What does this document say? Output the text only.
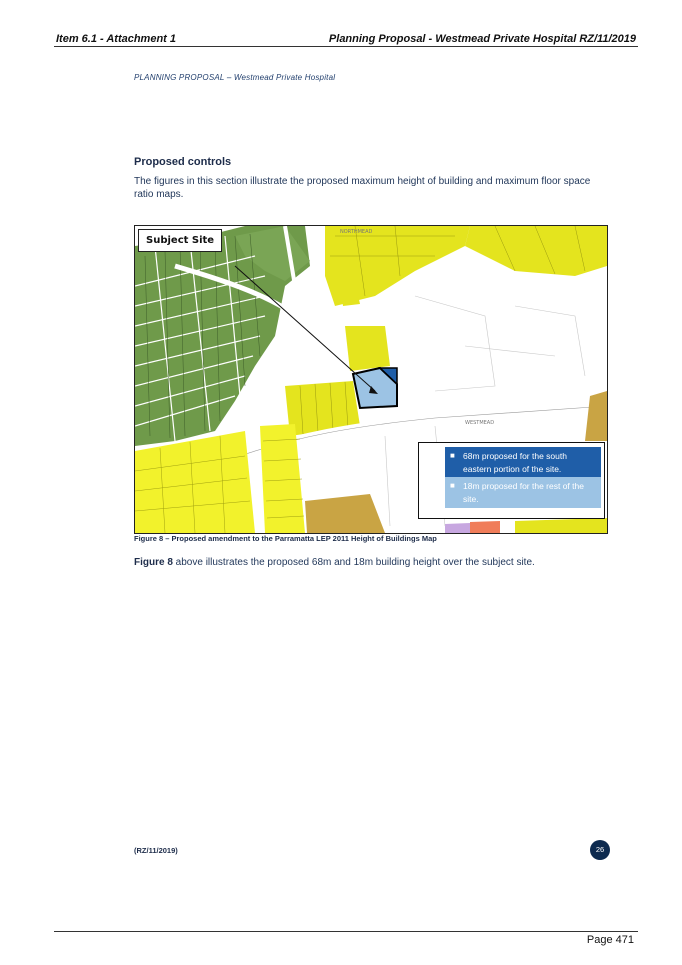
Item 6.1 - Attachment 1	Planning Proposal - Westmead Private Hospital RZ/11/2019
PLANNING PROPOSAL – Westmead Private Hospital
Proposed controls
The figures in this section illustrate the proposed maximum height of building and maximum floor space ratio maps.
NORTHMEAD
WESTMEAD
Subject Site
■ 68m proposed for the south eastern portion of the site.
■ 18m proposed for the rest of the site.
Figure 8 – Proposed amendment to the Parramatta LEP 2011 Height of Buildings Map
Figure 8 above illustrates the proposed 68m and 18m building height over the subject site.
(RZ/11/2019)	26
Page 471
